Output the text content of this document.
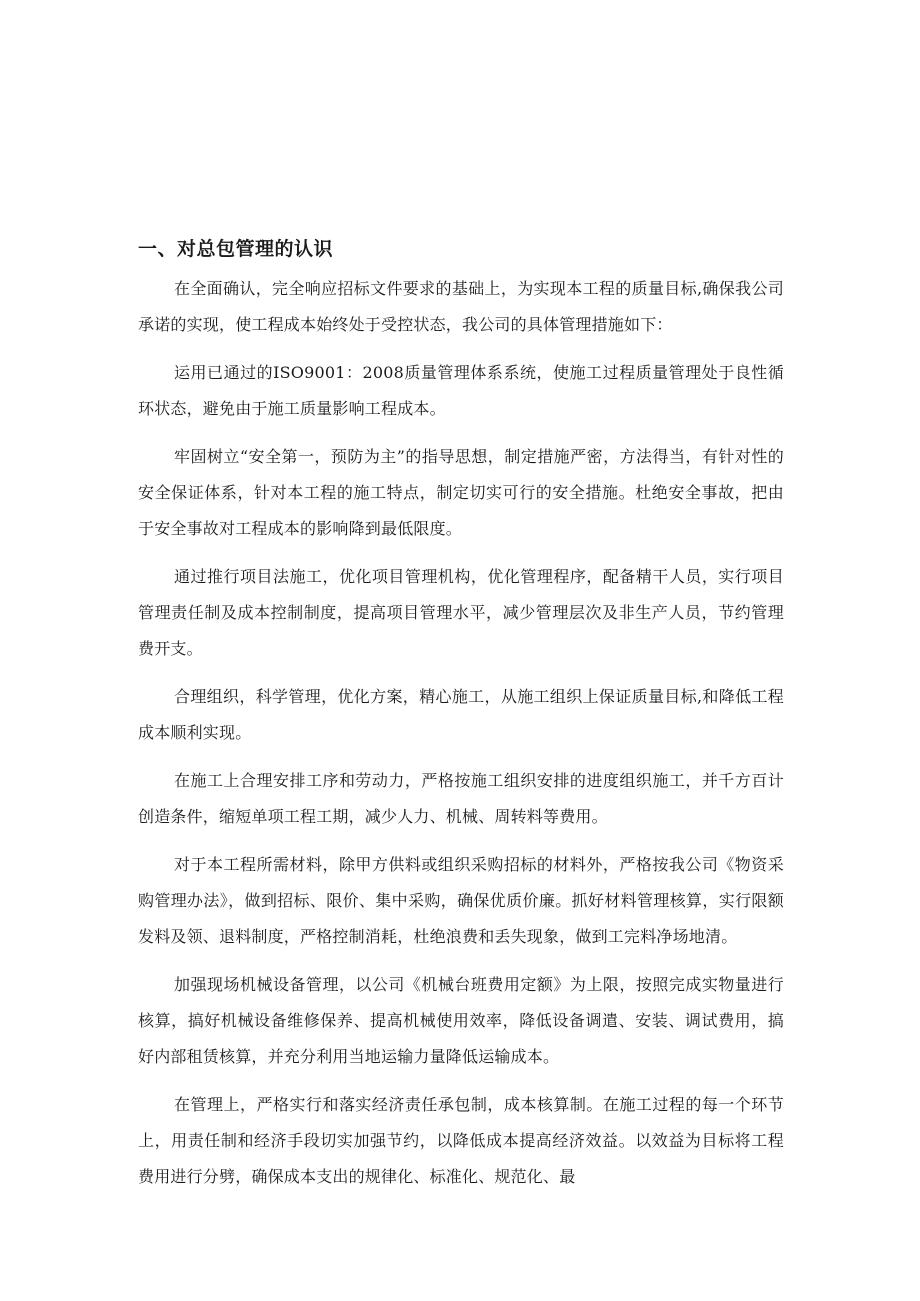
一、对总包管理的认识

在全面确认，完全响应招标文件要求的基础上，为实现本工程的质量目标,确保我公司承诺的实现，使工程成本始终处于受控状态，我公司的具体管理措施如下：

运用已通过的ISO9001：2008质量管理体系系统，使施工过程质量管理处于良性循环状态，避免由于施工质量影响工程成本。

牢固树立“安全第一，预防为主”的指导思想，制定措施严密，方法得当，有针对性的安全保证体系，针对本工程的施工特点，制定切实可行的安全措施。杜绝安全事故，把由于安全事故对工程成本的影响降到最低限度。

通过推行项目法施工，优化项目管理机构，优化管理程序，配备精干人员，实行项目管理责任制及成本控制制度，提高项目管理水平，减少管理层次及非生产人员，节约管理费开支。

合理组织，科学管理，优化方案，精心施工，从施工组织上保证质量目标,和降低工程成本顺利实现。

在施工上合理安排工序和劳动力，严格按施工组织安排的进度组织施工，并千方百计创造条件，缩短单项工程工期，减少人力、机械、周转料等费用。

对于本工程所需材料，除甲方供料或组织采购招标的材料外，严格按我公司《物资采购管理办法》，做到招标、限价、集中采购，确保优质价廉。抓好材料管理核算，实行限额发料及领、退料制度，严格控制消耗，杜绝浪费和丢失现象，做到工完料净场地清。

加强现场机械设备管理，以公司《机械台班费用定额》为上限，按照完成实物量进行核算，搞好机械设备维修保养、提高机械使用效率，降低设备调遣、安装、调试费用，搞好内部租赁核算，并充分利用当地运输力量降低运输成本。

在管理上，严格实行和落实经济责任承包制，成本核算制。在施工过程的每一个环节上，用责任制和经济手段切实加强节约，以降低成本提高经济效益。以效益为目标将工程费用进行分劈，确保成本支出的规律化、标准化、规范化、最
